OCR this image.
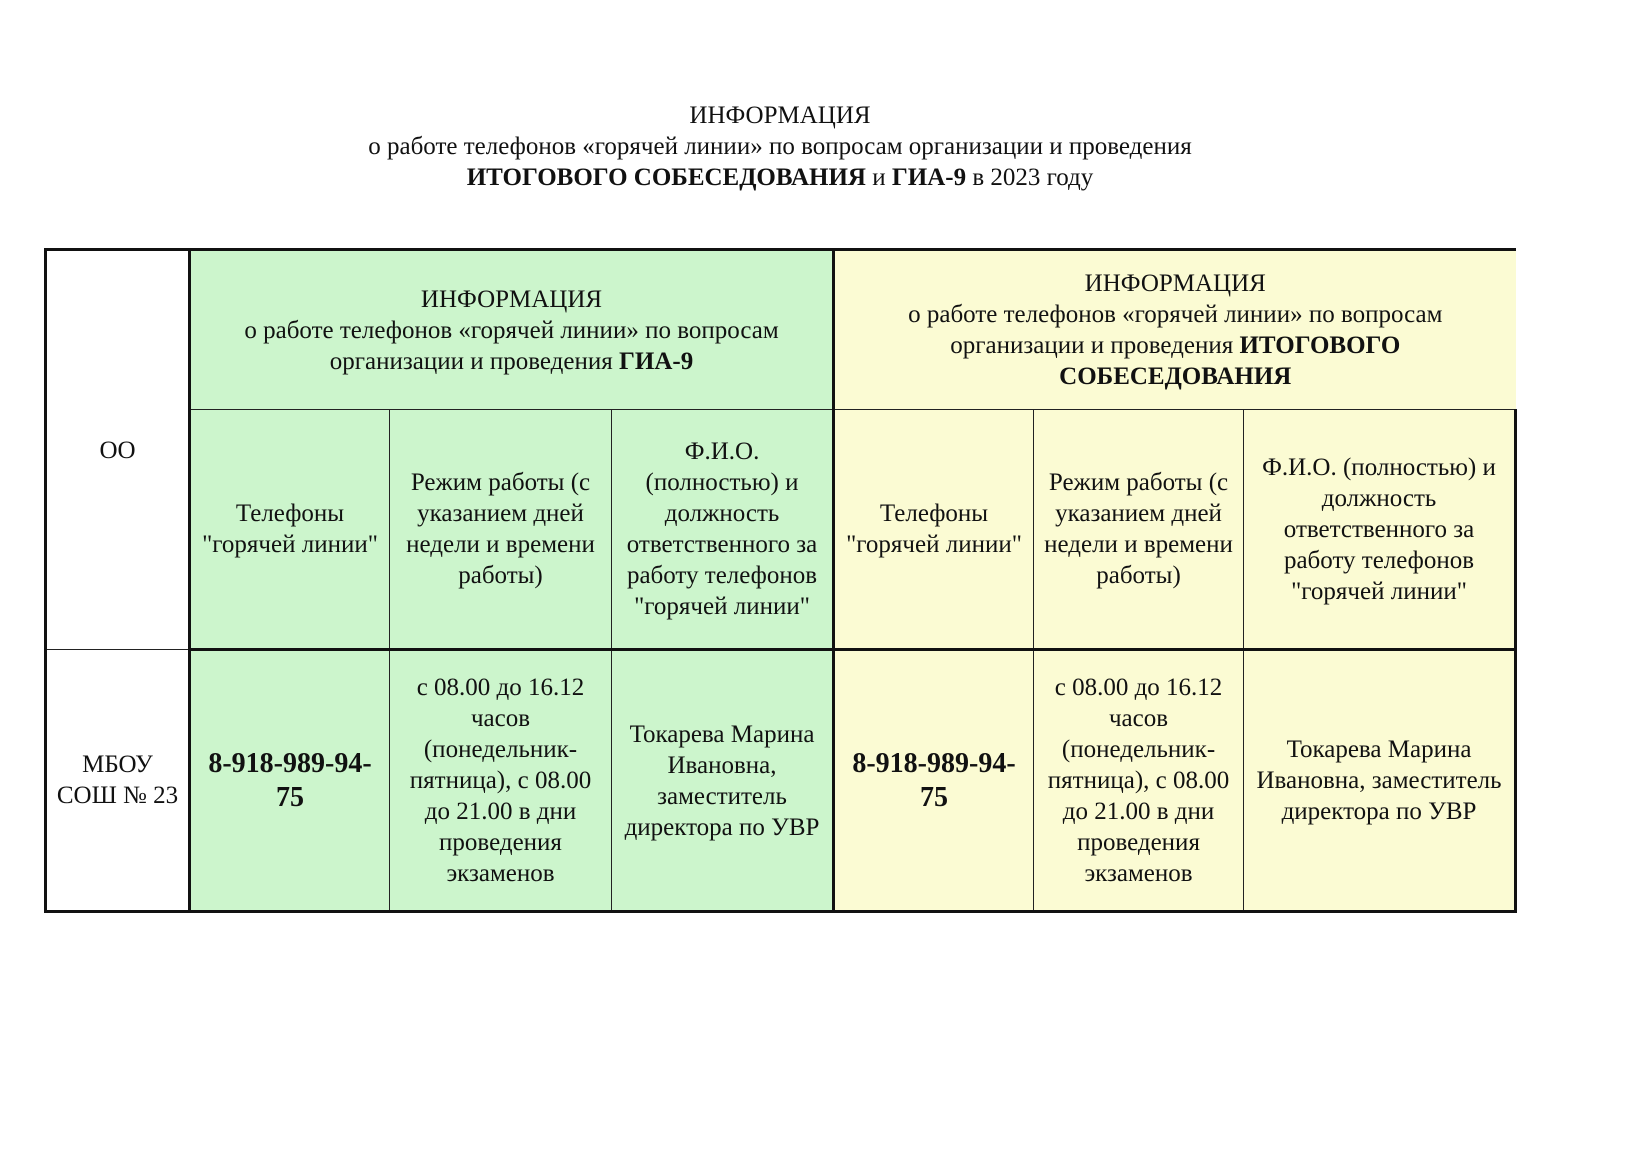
ИНФОРМАЦИЯ
о работе телефонов «горячей линии» по вопросам организации и проведения
ИТОГОВОГО СОБЕСЕДОВАНИЯ и ГИА-9 в 2023 году
ОО	ИНФОРМАЦИЯ
о работе телефонов «горячей линии» по вопросам организации и проведения ГИА-9			ИНФОРМАЦИЯ
о работе телефонов «горячей линии» по вопросам организации и проведения ИТОГОВОГО СОБЕСЕДОВАНИЯ		

	Телефоны "горячей линии"	Режим работы (с указанием дней недели и времени работы)	Ф.И.О. (полностью) и должность ответственного за работу телефонов "горячей линии"	Телефоны "горячей линии"	Режим работы (с указанием дней недели и времени работы)	Ф.И.О. (полностью) и должность ответственного за работу телефонов "горячей линии"
МБОУ СОШ № 23	8-918-989-94-75	с 08.00 до 16.12 часов (понедельник-пятница), с 08.00 до 21.00 в дни проведения экзаменов	Токарева Марина Ивановна, заместитель директора по УВР	8-918-989-94-75	с 08.00 до 16.12 часов (понедельник-пятница), с 08.00 до 21.00 в дни проведения экзаменов	Токарева Марина Ивановна, заместитель директора по УВР
